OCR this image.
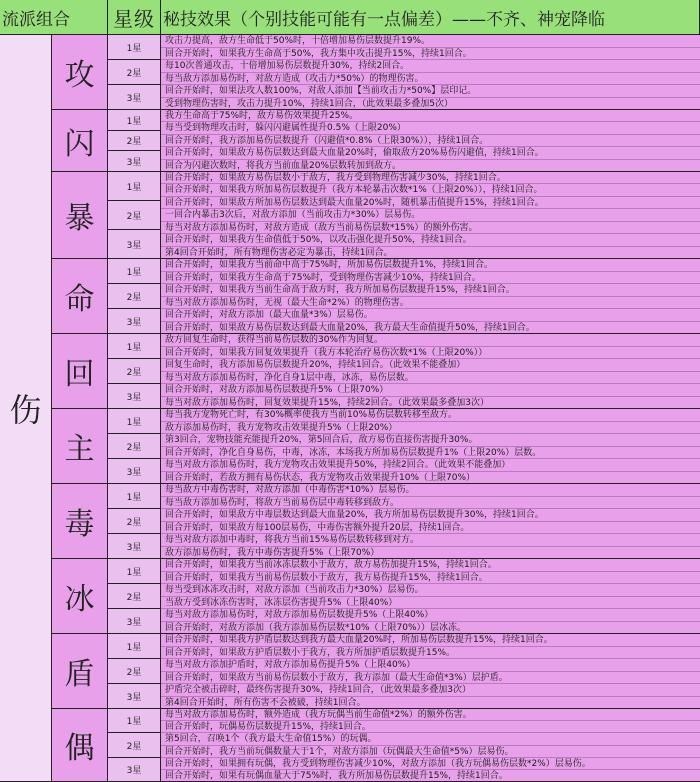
流派组合	星级 秘技效果（个别技能可能有一点偏差）——不齐、神宠降临
伤
攻
1星
2星
3星
攻击力提高，敌方生命低于50%时，十倍增加易伤层数提升19%。
回合开始时，如果我方生命高于50%，我方集中攻击提升15%，持续1回合。
每10次普通攻击，十倍增加易伤层数提升30%，持续2回合。
每当敌方添加易伤时，对敌方造成（攻击力*50%）的物理伤害。
回合开始时，如果法攻人数100%，对敌人添加【当前攻击力*50%】层印记。
受到物理伤害时，攻击力提升10%，持续1回合，（此效果最多叠加5次）
闪
1星
2星
3星
我方生命高于75%时，敌方易伤效果提升25%。
每当受到物理攻击时，躲闪闪避属性提升0.5%（上限20%）
回合开始时，我方添加易伤层数提升（闪避值*0.8%（上限30%）），持续1回合。
回合开始时，如果敌方易伤层数达到最大血量20%时，偷取敌方20%易伤闪避值，持续1回合。
回合为闪避次数时，将我方当前血量20%层数转加到敌方。
暴
1星
2星
3星
回合开始时，如果敌方易伤层数小于敌方，我方受到物理伤害减少30%，持续1回合。
回合开始时，如果我方所加易伤层数提升（我方本轮暴击次数*1%（上限20%）），持续1回合。
回合开始时，如果敌方所加易伤层数达到最大血量20%时，随机暴击值提升15%，持续1回合。
一回合内暴击3次后，对敌方添加（当前攻击力*30%）层易伤。
每当对敌方添加易伤时，对敌方造成（敌方当前易伤层数*15%）的额外伤害。
回合开始时，如果我方生命值低于50%，以攻击强化提升50%，持续1回合。
第4回合开始时，所有物理伤害必定为暴击，持续1回合。
命
1星
2星
3星
回合开始时，如果我方当前命中高于75%时，所加易伤层数提升1%，持续1回合。
回合开始时，如果我方生命高于75%时，受到物理伤害减少10%，持续1回合。
回合开始时，如果我方当前生命高于敌方时，我方所加易伤层数提升15%，持续1回合。
每当对敌方添加易伤时，无视（最大生命*2%）的物理伤害。
回合开始时，对敌方添加（最大血量*3%）层易伤。
回合开始时，如果敌方易伤层数达到最大血量20%，我方最大生命值提升50%，持续1回合。
回
1星
2星
3星
敌方回复生命时，获得当前易伤层数的30%作为回复。
回合开始时，如果我方回复效果提升（我方本轮治疗易伤次数*1%（上限20%））
回复生命时，我方添加易伤层数提升20%，持续1回合。（此效果不能叠加）
每当对敌方添加易伤时，净化自身1层中毒，冰冻，易伤层数。
回合开始时，对敌方添加易伤层数提升5%（上限70%）
每当对敌方添加易伤时，回复效果提升15%，持续2回合。（此效果最多叠加3次）
主
1星
2星
3星
每当我方宠物死亡时，有30%概率使我方当前10%易伤层数转移至敌方。
敌方添加易伤时，我方宠物攻击效果提升5%（上限20%）
第3回合，宠物技能充能提升20%，第5回合后，敌方易伤直接伤害提升30%。
回合开始时，净化自身易伤，中毒，冰冻，本场我方所加易伤层数提升1%（上限20%）层数。
每当对敌方添加易伤时，我方宠物攻击效果提升50%，持续2回合。（此效果不能叠加）
回合开始时，若敌方拥有易伤状态，我方宠物攻击效果提升10%（上限70%）
毒
1星
2星
3星
每当敌方中毒伤害时，对敌方添加（中毒伤害*10%）层易伤。
每当敌方添加易伤时，将敌方当前易伤层中毒转移到敌方。
回合开始时，如果敌方中毒层数达到最大血量20%，我方所加易伤层数提升30%，持续1回合。
回合开始时，如果敌方每100层易伤，中毒伤害额外提升20层，持续1回合。
每当对敌方添加中毒时，将我方当前15%易伤层数转移到对方。
敌方添加易伤时，我方中毒伤害提升5%（上限70%）
冰
1星
2星
3星
回合开始时，如果我方当前冰冻层数小于敌方，敌方易伤加提升15%，持续1回合。
回合开始时，如果我方当前易伤层数小于敌方，我方易伤提升15%，持续1回合。
每当受到冰冻攻击时，对敌方添加（当前攻击力*30%）层易伤。
当敌方受到冰冻伤害时，冰冻层伤害提升5%（上限40%）
每当对敌方添加易伤时，对敌方添加易伤层数提升5%（上限40%）
回合开始时，对敌方添加（我方添加易伤层数*10%（上限70%））层冰冻。
盾
1星
2星
3星
回合开始时，如果我方护盾层数达到我方最大血量20%时，所加易伤层数提升15%，持续1回合。
回合开始时，如果敌方护盾层数小于我方，我方所加护盾层数提升15%。
每当对敌方添加护盾时，对敌方添加易伤提升5%（上限40%）
回合开始时，如果敌方当前易伤层数小于敌方，我方添加（最大生命值*3%）层护盾。
护盾完全被击碎时，最终伤害提升30%，持续1回合，（此效果最多叠加3次）
第4回合开始时，所有伤害不会被破，持续1回合。
偶
1星
2星
3星
每当对敌方添加易伤时，额外造成（我方玩偶当前生命值*2%）的额外伤害。
回合开始时，玩偶易伤层数提升15%，持续1回合。
第5回合，召唤1个（我方最大生命值15%）的玩偶。
回合开始时，我方当前玩偶数量大于1个，对敌方添加（玩偶最大生命值*5%）层易伤。
回合开始时，如果拥有玩偶，我方受到物理伤害减少10%，对敌方添加（我方玩偶易伤层数*2%）层易伤。
回合开始时，如果有玩偶血量大于75%时，我方所加易伤层数提升15%，持续1回合。
